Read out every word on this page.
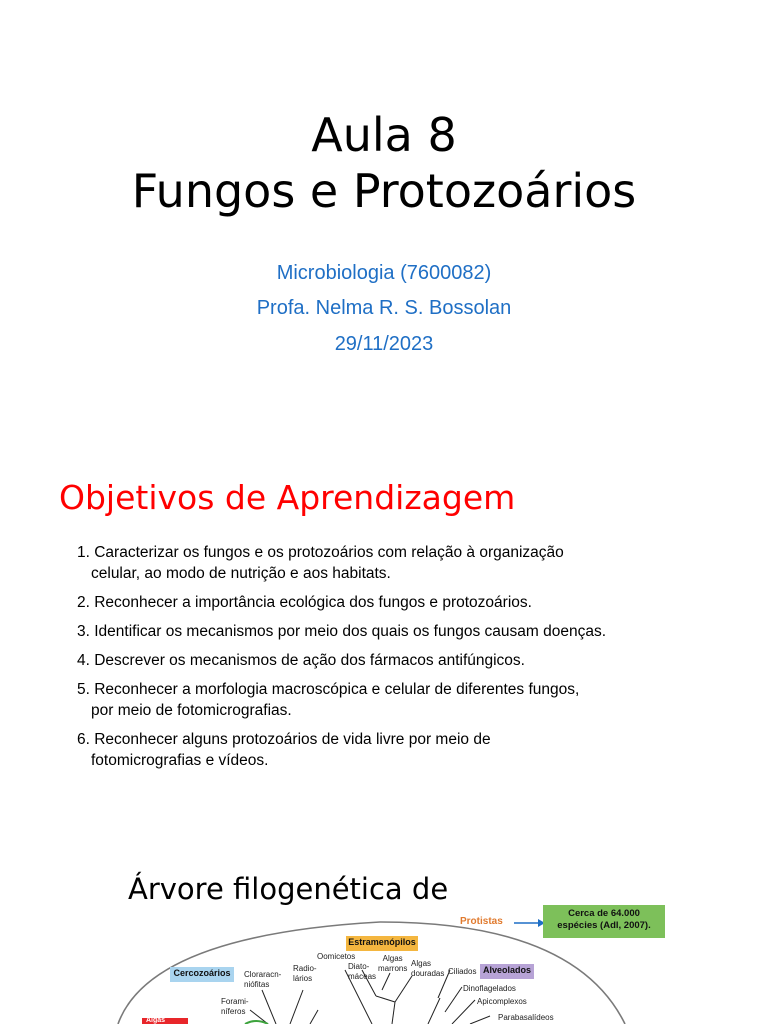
Aula 8
Fungos e Protozoários
Microbiologia (7600082)
Profa. Nelma R. S. Bossolan
29/11/2023
Objetivos de Aprendizagem
1. Caracterizar os fungos e os protozoários com relação à organização
celular, ao modo de nutrição e aos habitats.
2. Reconhecer a importância ecológica dos fungos e protozoários.
3. Identificar os mecanismos por meio dos quais os fungos causam doenças.
4. Descrever os mecanismos de ação dos fármacos antifúngicos.
5. Reconhecer a morfologia macroscópica e celular de diferentes fungos,
por meio de fotomicrografias.
6. Reconhecer alguns protozoários de vida livre por meio de
fotomicrografias e vídeos.
Árvore filogenética de
Protistas
Cerca de 64.000
espécies (Adl, 2007).
Estramenópilos
Cercozoários	Alveolados
Cloraracn-
niófitas
Radio-
lários
Oomicetos
Diato-
máceas
Algas
marrons
Algas
douradas Ciliados
Dinoflagelados
Apicomplexos
Parabasalídeos
Forami-
níferos
Algas
